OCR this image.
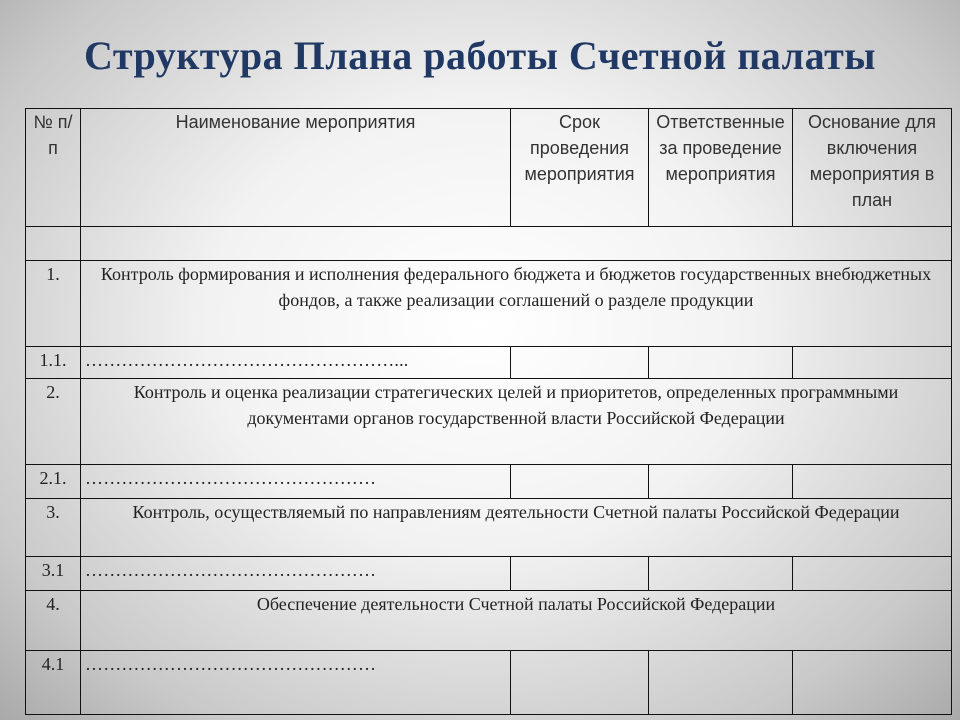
Структура Плана работы Счетной палаты
№ п/п	Наименование мероприятия	Срок проведения мероприятия	Ответственные за проведение мероприятия	Основание для включения мероприятия в план

1.	Контроль формирования и исполнения федерального бюджета и бюджетов государственных внебюджетных фондов, а также реализации соглашений о разделе продукции			
1.1.	……………………………………………...			
2.	Контроль и оценка реализации стратегических целей и приоритетов, определенных программными документами органов государственной власти Российской Федерации			
2.1.	…………………………………………			
3.	Контроль, осуществляемый по направлениям деятельности Счетной палаты Российской Федерации			
3.1	…………………………………………			
4.	Обеспечение деятельности Счетной палаты Российской Федерации			
4.1	…………………………………………			
